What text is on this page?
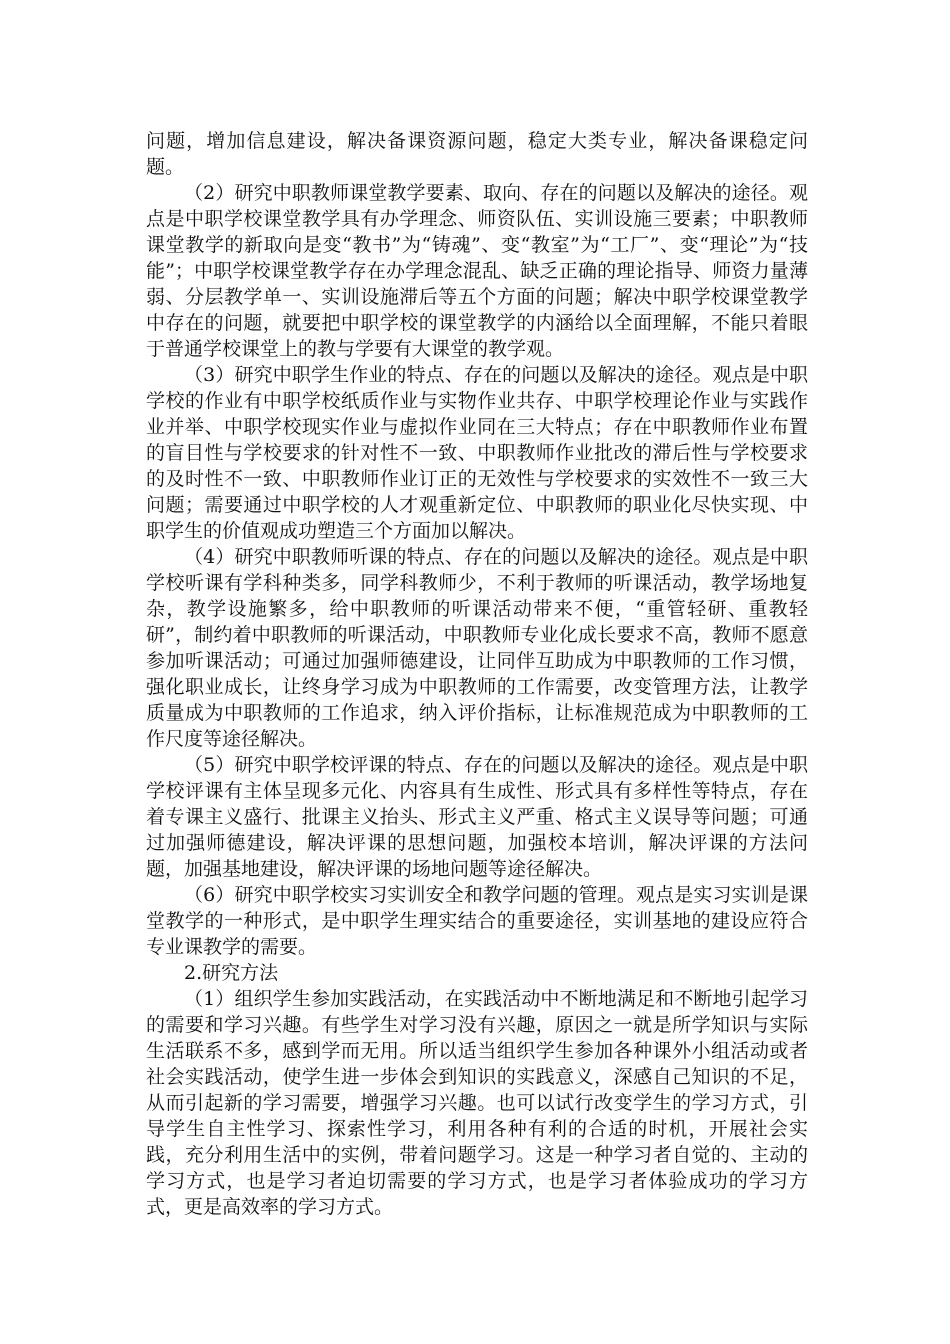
问题，增加信息建设，解决备课资源问题，稳定大类专业，解决备课稳定问题。

（2）研究中职教师课堂教学要素、取向、存在的问题以及解决的途径。观点是中职学校课堂教学具有办学理念、师资队伍、实训设施三要素；中职教师课堂教学的新取向是变“教书”为“铸魂”、变“教室”为“工厂”、变“理论”为“技能”；中职学校课堂教学存在办学理念混乱、缺乏正确的理论指导、师资力量薄弱、分层教学单一、实训设施滞后等五个方面的问题；解决中职学校课堂教学中存在的问题，就要把中职学校的课堂教学的内涵给以全面理解，不能只着眼于普通学校课堂上的教与学要有大课堂的教学观。

（3）研究中职学生作业的特点、存在的问题以及解决的途径。观点是中职学校的作业有中职学校纸质作业与实物作业共存、中职学校理论作业与实践作业并举、中职学校现实作业与虚拟作业同在三大特点；存在中职教师作业布置的盲目性与学校要求的针对性不一致、中职教师作业批改的滞后性与学校要求的及时性不一致、中职教师作业订正的无效性与学校要求的实效性不一致三大问题；需要通过中职学校的人才观重新定位、中职教师的职业化尽快实现、中职学生的价值观成功塑造三个方面加以解决。

（4）研究中职教师听课的特点、存在的问题以及解决的途径。观点是中职学校听课有学科种类多，同学科教师少，不利于教师的听课活动，教学场地复杂，教学设施繁多，给中职教师的听课活动带来不便，“重管轻研、重教轻研”，制约着中职教师的听课活动，中职教师专业化成长要求不高，教师不愿意参加听课活动；可通过加强师德建设，让同伴互助成为中职教师的工作习惯，强化职业成长，让终身学习成为中职教师的工作需要，改变管理方法，让教学质量成为中职教师的工作追求，纳入评价指标，让标准规范成为中职教师的工作尺度等途径解决。

（5）研究中职学校评课的特点、存在的问题以及解决的途径。观点是中职学校评课有主体呈现多元化、内容具有生成性、形式具有多样性等特点，存在着专课主义盛行、批课主义抬头、形式主义严重、格式主义误导等问题；可通过加强师德建设，解决评课的思想问题，加强校本培训，解决评课的方法问题，加强基地建设，解决评课的场地问题等途径解决。

（6）研究中职学校实习实训安全和教学问题的管理。观点是实习实训是课堂教学的一种形式，是中职学生理实结合的重要途径，实训基地的建设应符合专业课教学的需要。

2.研究方法

（1）组织学生参加实践活动，在实践活动中不断地满足和不断地引起学习的需要和学习兴趣。有些学生对学习没有兴趣，原因之一就是所学知识与实际生活联系不多，感到学而无用。所以适当组织学生参加各种课外小组活动或者社会实践活动，使学生进一步体会到知识的实践意义，深感自己知识的不足，从而引起新的学习需要，增强学习兴趣。也可以试行改变学生的学习方式，引导学生自主性学习、探索性学习，利用各种有利的合适的时机，开展社会实践，充分利用生活中的实例，带着问题学习。这是一种学习者自觉的、主动的学习方式，也是学习者迫切需要的学习方式，也是学习者体验成功的学习方式，更是高效率的学习方式。
